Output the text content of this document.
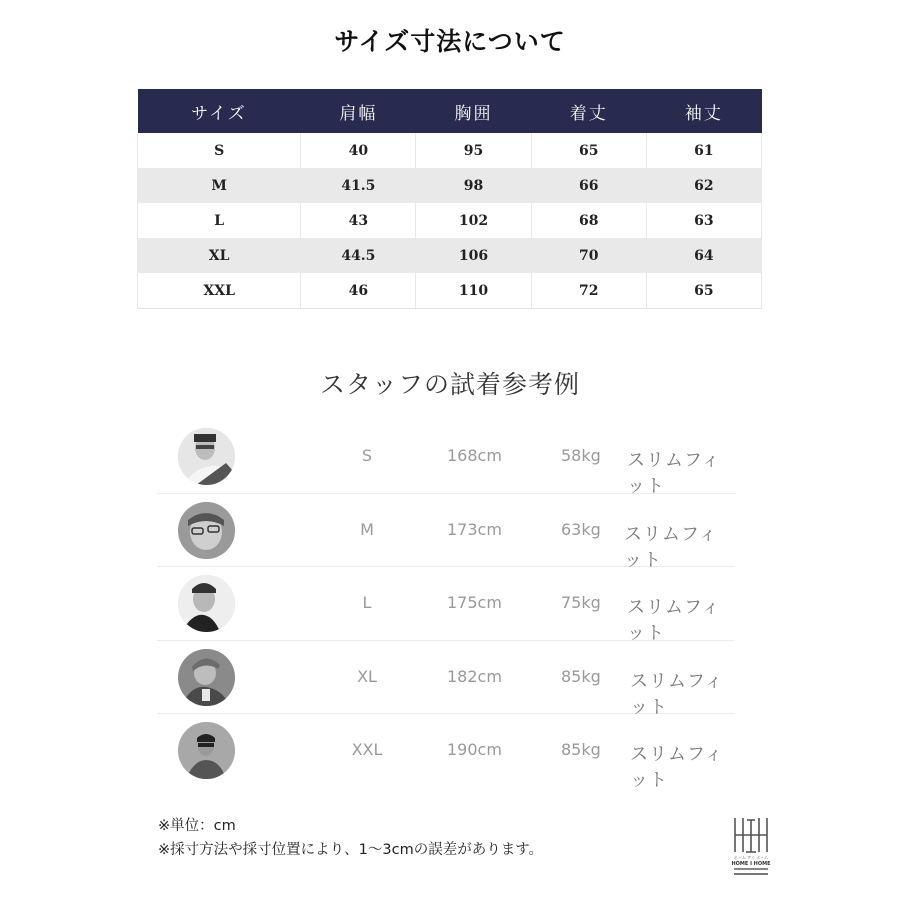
サイズ寸法について
サイズ	肩幅	胸囲	着丈	袖丈
S	40	95	65	61
M	41.5	98	66	62
L	43	102	68	63
XL	44.5	106	70	64
XXL	46	110	72	65
スタッフの試着参考例
S	168cm	58kg スリムフィット
M	173cm	63kg スリムフィット
L	175cm	75kg スリムフィット
XL	182cm	85kg スリムフィット
XXL	190cm	85kg スリムフィット
※単位：cm
※採寸方法や採寸位置により、1～3cmの誤差があります。	ホーム アイ ホーム
HOME I HOME
